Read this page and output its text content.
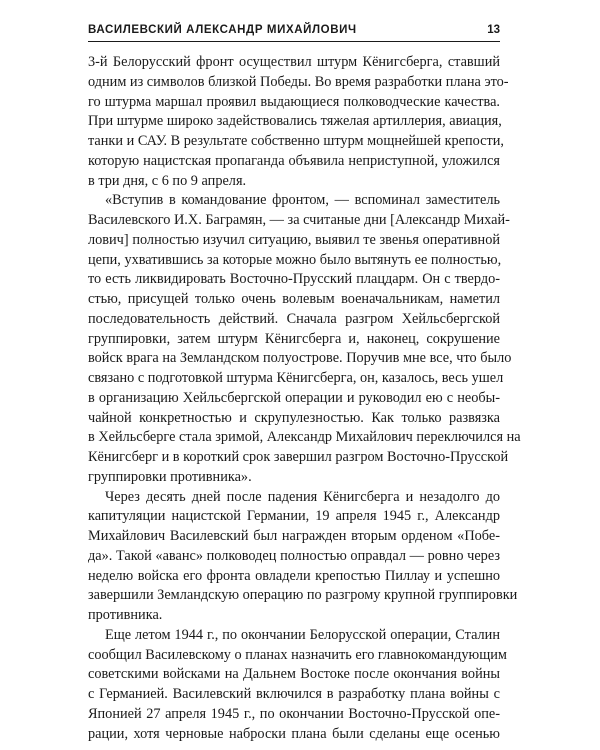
ВАСИЛЕВСКИЙ АЛЕКСАНДР МИХАЙЛОВИЧ	13

3-й Белорусский фронт осуществил штурм Кёнигсберга, ставший
одним из символов близкой Победы. Во время разработки плана это-
го штурма маршал проявил выдающиеся полководческие качества.
При штурме широко задействовались тяжелая артиллерия, авиация,
танки и САУ. В результате собственно штурм мощнейшей крепости,
которую нацистская пропаганда объявила неприступной, уложился
в три дня, с 6 по 9 апреля.

«Вступив в командование фронтом, — вспоминал заместитель
Василевского И.Х. Баграмян, — за считаные дни [Александр Михай-
лович] полностью изучил ситуацию, выявил те звенья оперативной
цепи, ухватившись за которые можно было вытянуть ее полностью,
то есть ликвидировать Восточно-Прусский плацдарм. Он с твердо-
стью, присущей только очень волевым военачальникам, наметил
последовательность действий. Сначала разгром Хейльсбергской
группировки, затем штурм Кёнигсберга и, наконец, сокрушение
войск врага на Земландском полуострове. Поручив мне все, что было
связано с подготовкой штурма Кёнигсберга, он, казалось, весь ушел
в организацию Хейльсбергской операции и руководил ею с необы-
чайной конкретностью и скрупулезностью. Как только развязка
в Хейльсберге стала зримой, Александр Михайлович переключился на
Кёнигсберг и в короткий срок завершил разгром Восточно-Прусской
группировки противника».

Через десять дней после падения Кёнигсберга и незадолго до
капитуляции нацистской Германии, 19 апреля 1945 г., Александр
Михайлович Василевский был награжден вторым орденом «Побе-
да». Такой «аванс» полководец полностью оправдал — ровно через
неделю войска его фронта овладели крепостью Пиллау и успешно
завершили Земландскую операцию по разгрому крупной группировки
противника.

Еще летом 1944 г., по окончании Белорусской операции, Сталин
сообщил Василевскому о планах назначить его главнокомандующим
советскими войсками на Дальнем Востоке после окончания войны
с Германией. Василевский включился в разработку плана войны с
Японией 27 апреля 1945 г., по окончании Восточно-Прусской опе-
рации, хотя черновые наброски плана были сделаны еще осенью
